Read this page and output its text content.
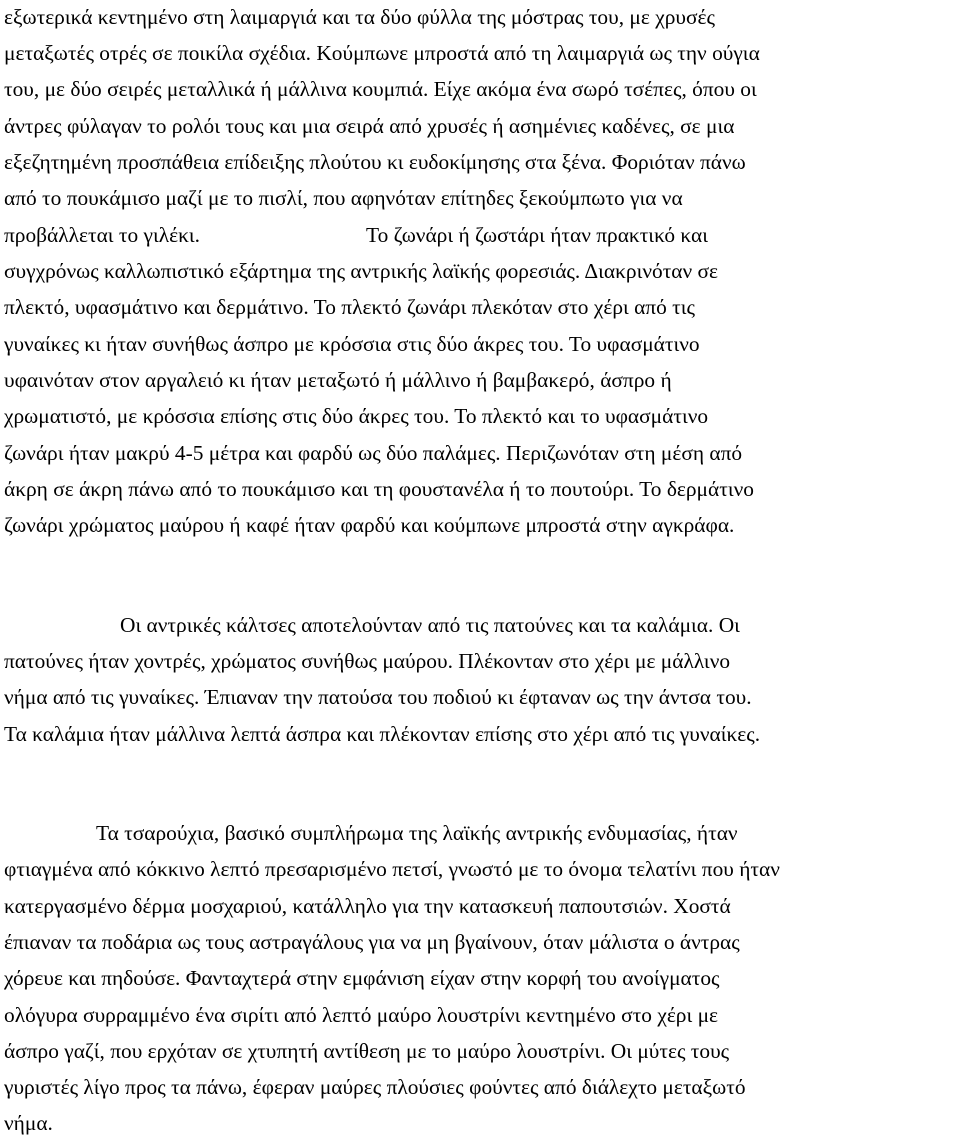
εξωτερικά κεντημένο στη λαιμαργιά και τα δύο φύλλα της μόστρας του, με χρυσές
μεταξωτές οτρές σε ποικίλα σχέδια. Κούμπωνε μπροστά από τη λαιμαργιά ως την ούγια
του, με δύο σειρές μεταλλικά ή μάλλινα κουμπιά. Είχε ακόμα ένα σωρό τσέπες, όπου οι
άντρες φύλαγαν το ρολόι τους και μια σειρά από χρυσές ή ασημένιες καδένες, σε μια
εξεζητημένη προσπάθεια επίδειξης πλούτου κι ευδοκίμησης στα ξένα. Φοριόταν πάνω
από το πουκάμισο μαζί με το πισλί, που αφηνόταν επίτηδες ξεκούμπωτο για να
προβάλλεται το γιλέκι.	Το ζωνάρι ή ζωστάρι ήταν πρακτικό και
συγχρόνως καλλωπιστικό εξάρτημα της αντρικής λαϊκής φορεσιάς. Διακρινόταν σε
πλεκτό, υφασμάτινο και δερμάτινο. Το πλεκτό ζωνάρι πλεκόταν στο χέρι από τις
γυναίκες κι ήταν συνήθως άσπρο με κρόσσια στις δύο άκρες του. Το υφασμάτινο
υφαινόταν στον αργαλειό κι ήταν μεταξωτό ή μάλλινο ή βαμβακερό, άσπρο ή
χρωματιστό, με κρόσσια επίσης στις δύο άκρες του. Το πλεκτό και το υφασμάτινο
ζωνάρι ήταν μακρύ 4-5 μέτρα και φαρδύ ως δύο παλάμες. Περιζωνόταν στη μέση από
άκρη σε άκρη πάνω από το πουκάμισο και τη φουστανέλα ή το πουτούρι. Το δερμάτινο
ζωνάρι χρώματος μαύρου ή καφέ ήταν φαρδύ και κούμπωνε μπροστά στην αγκράφα.
Οι αντρικές κάλτσες αποτελούνταν από τις πατούνες και τα καλάμια. Οι
πατούνες ήταν χοντρές, χρώματος συνήθως μαύρου. Πλέκονταν στο χέρι με μάλλινο
νήμα από τις γυναίκες. Έπιαναν την πατούσα του ποδιού κι έφταναν ως την άντσα του.
Τα καλάμια ήταν μάλλινα λεπτά άσπρα και πλέκονταν επίσης στο χέρι από τις γυναίκες.
Τα τσαρούχια, βασικό συμπλήρωμα της λαϊκής αντρικής ενδυμασίας, ήταν
φτιαγμένα από κόκκινο λεπτό πρεσαρισμένο πετσί, γνωστό με το όνομα τελατίνι που ήταν
κατεργασμένο δέρμα μοσχαριού, κατάλληλο για την κατασκευή παπουτσιών. Χοστά
έπιαναν τα ποδάρια ως τους αστραγάλους για να μη βγαίνουν, όταν μάλιστα ο άντρας
χόρευε και πηδούσε. Φανταχτερά στην εμφάνιση είχαν στην κορφή του ανοίγματος
ολόγυρα συρραμμένο ένα σιρίτι από λεπτό μαύρο λουστρίνι κεντημένο στο χέρι με
άσπρο γαζί, που ερχόταν σε χτυπητή αντίθεση με το μαύρο λουστρίνι. Οι μύτες τους
γυριστές λίγο προς τα πάνω, έφεραν μαύρες πλούσιες φούντες από διάλεχτο μεταξωτό
νήμα.
